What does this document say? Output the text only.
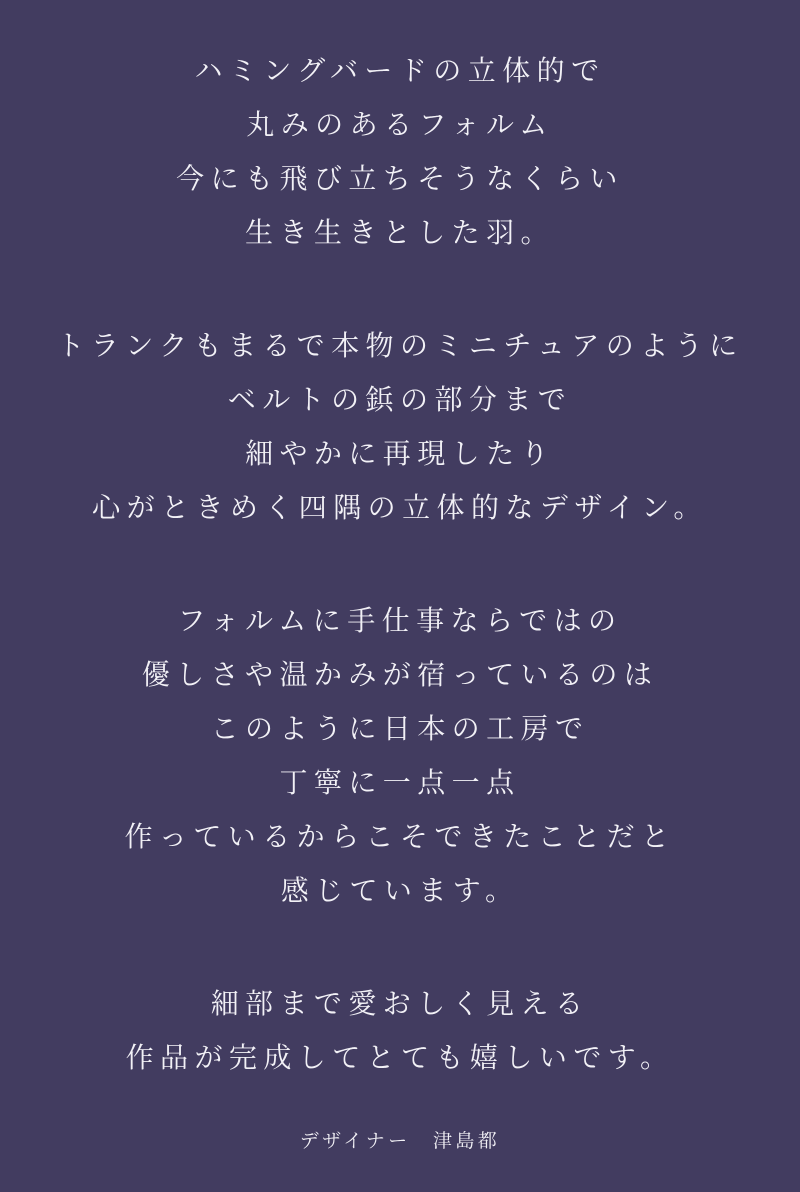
ハミングバードの立体的で
丸みのあるフォルム
今にも飛び立ちそうなくらい
生き生きとした羽。

トランクもまるで本物のミニチュアのように
ベルトの鋲の部分まで
細やかに再現したり
心がときめく四隅の立体的なデザイン。

フォルムに手仕事ならではの
優しさや温かみが宿っているのは
このように日本の工房で
丁寧に一点一点
作っているからこそできたことだと
感じています。

細部まで愛おしく見える
作品が完成してとても嬉しいです。

デザイナー　津島都
